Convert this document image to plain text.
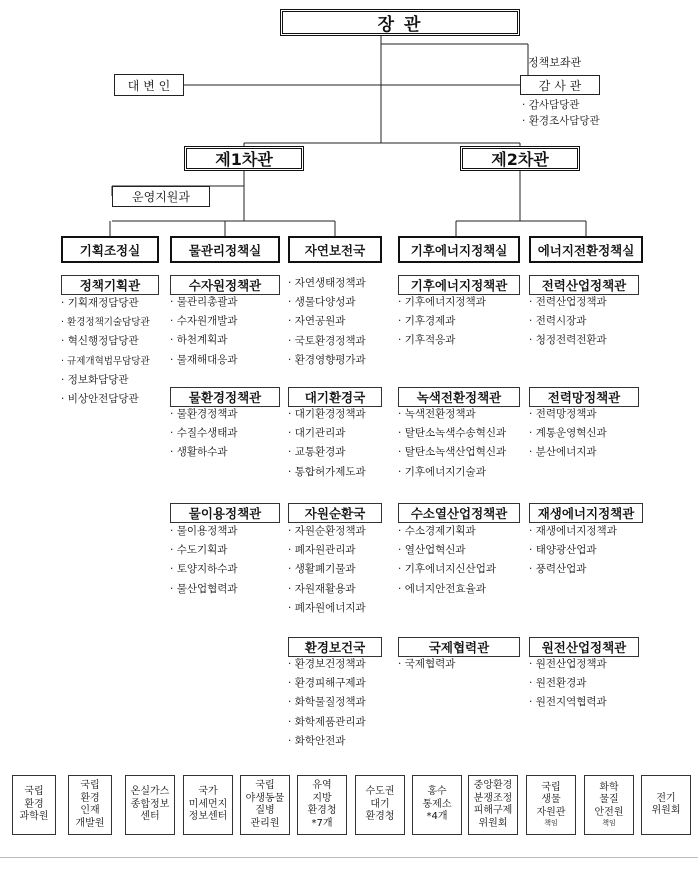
장 관
정책보좌관
대 변 인	감 사 관
· 감사담당관
· 환경조사담당관
제1차관	제2차관
운영지원과
기획조정실	물관리정책실	자연보전국	기후에너지정책실 에너지전환정책실
정책기획관
· 기획재정담당관
· 환경정책기술담당관
· 혁신행정담당관
· 규제개혁법무담당관
· 정보화담당관
· 비상안전담당관
수자원정책관
· 물관리총괄과
· 수자원개발과
· 하천계획과
· 물재해대응과
물환경정책관
· 물환경정책과
· 수질수생태과
· 생활하수과
물이용정책관
· 물이용정책과
· 수도기획과
· 토양지하수과
· 물산업협력과
· 자연생태정책과
· 생물다양성과
· 자연공원과
· 국토환경정책과
· 환경영향평가과
대기환경국
· 대기환경정책과
· 대기관리과
· 교통환경과
· 통합허가제도과
자원순환국
· 자원순환정책과
· 폐자원관리과
· 생활폐기물과
· 자원재활용과
· 폐자원에너지과
환경보건국
· 환경보건정책과
· 환경피해구제과
· 화학물질정책과
· 화학제품관리과
· 화학안전과
기후에너지정책관
· 기후에너지정책과
· 기후경제과
· 기후적응과
녹색전환정책관
· 녹색전환정책과
· 탈탄소녹색수송혁신과
· 탈탄소녹색산업혁신과
· 기후에너지기술과
수소열산업정책관
· 수소경제기획과
· 열산업혁신과
· 기후에너지신산업과
· 에너지안전효율과
국제협력관
· 국제협력과
전력산업정책관
· 전력산업정책과
· 전력시장과
· 청정전력전환과
전력망정책관
· 전력망정책과
· 계통운영혁신과
· 분산에너지과
재생에너지정책관
· 재생에너지정책과
· 태양광산업과
· 풍력산업과
원전산업정책관
· 원전산업정책과
· 원전환경과
· 원전지역협력과
국립
환경
과학원
국립
환경
인재
개발원
온실가스
종합정보
센터
국가
미세먼지
정보센터
국립
야생동물
질병
관리원
유역
지방
환경청
*7개
수도권
대기
환경청
홍수
통제소
*4개
중앙환경
분쟁조정
피해구제
위원회
국립
생물
자원관
책임
화학
물질
안전원
책임
전기
위원회
